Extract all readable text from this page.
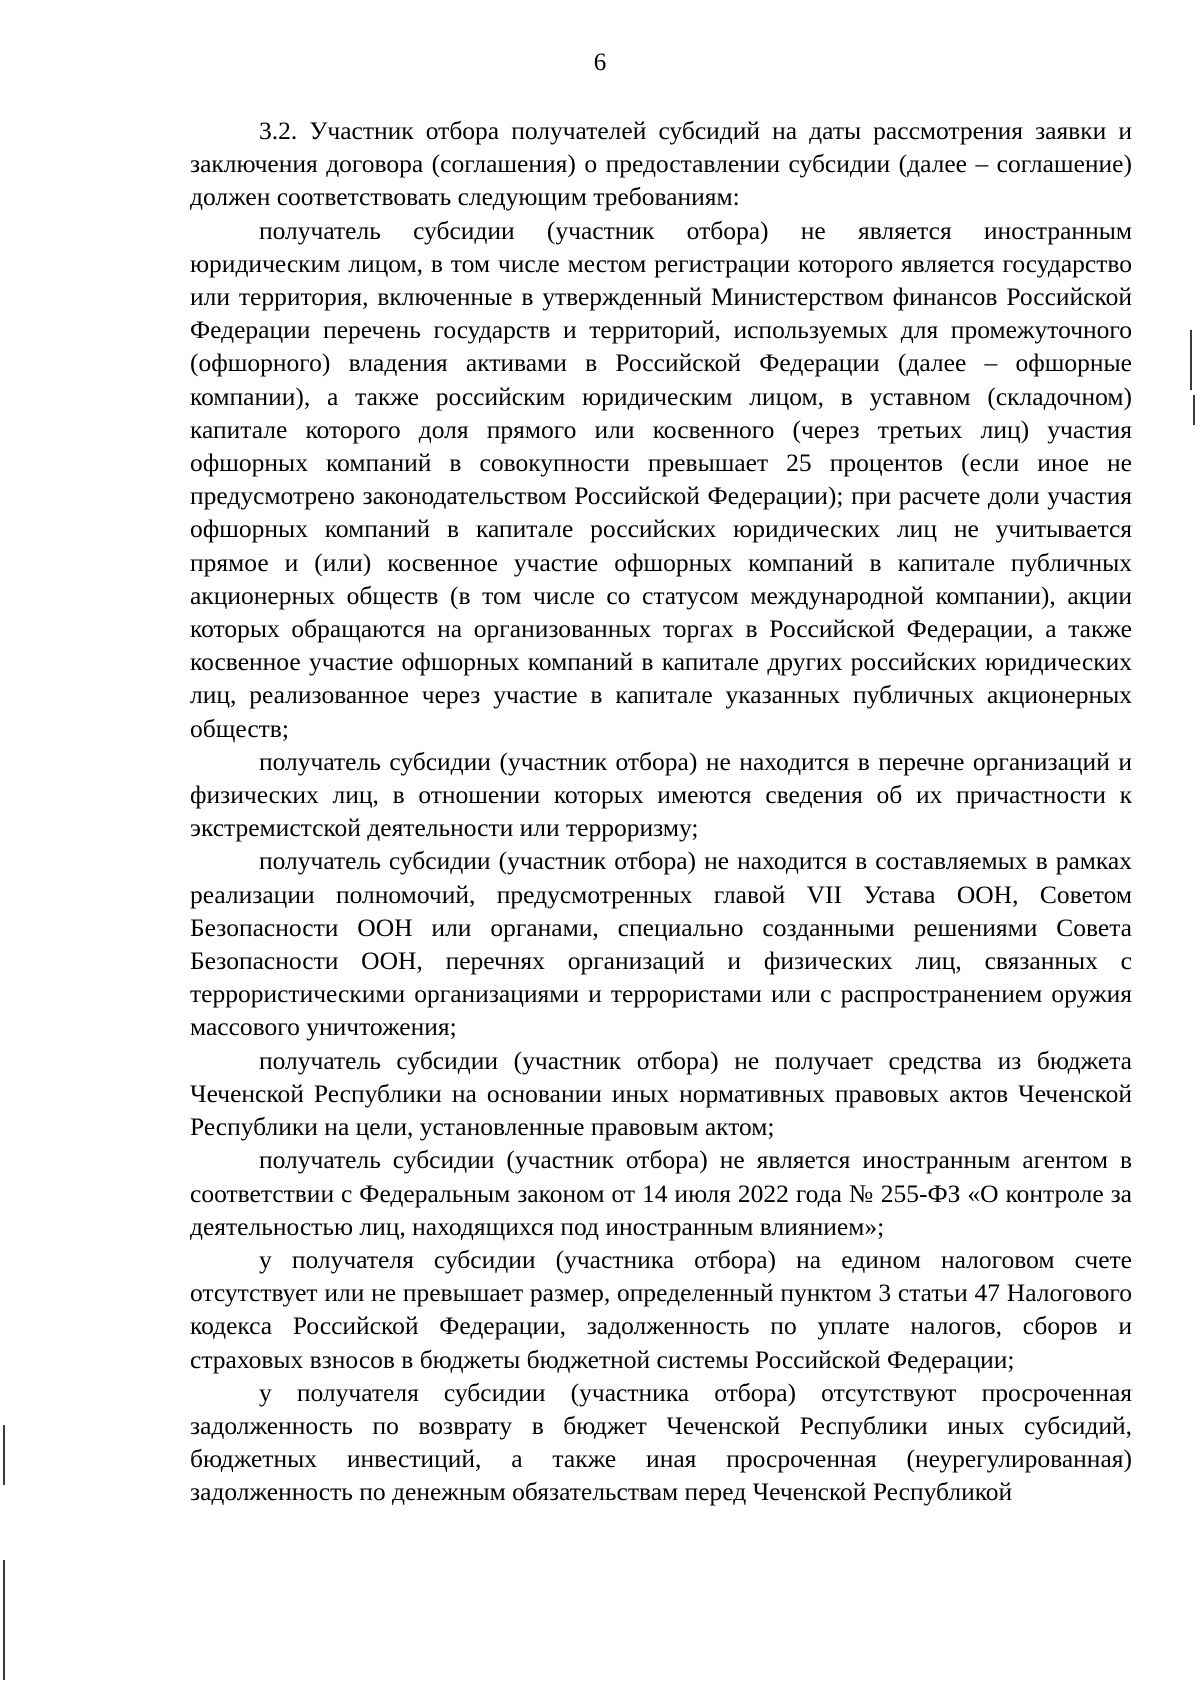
6

3.2. Участник отбора получателей субсидий на даты рассмотрения заявки и заключения договора (соглашения) о предоставлении субсидии (далее – соглашение) должен соответствовать следующим требованиям:

получатель субсидии (участник отбора) не является иностранным юридическим лицом, в том числе местом регистрации которого является государство или территория, включенные в утвержденный Министерством финансов Российской Федерации перечень государств и территорий, используемых для промежуточного (офшорного) владения активами в Российской Федерации (далее – офшорные компании), а также российским юридическим лицом, в уставном (складочном) капитале которого доля прямого или косвенного (через третьих лиц) участия офшорных компаний в совокупности превышает 25 процентов (если иное не предусмотрено законодательством Российской Федерации); при расчете доли участия офшорных компаний в капитале российских юридических лиц не учитывается прямое и (или) косвенное участие офшорных компаний в капитале публичных акционерных обществ (в том числе со статусом международной компании), акции которых обращаются на организованных торгах в Российской Федерации, а также косвенное участие офшорных компаний в капитале других российских юридических лиц, реализованное через участие в капитале указанных публичных акционерных обществ;

получатель субсидии (участник отбора) не находится в перечне организаций и физических лиц, в отношении которых имеются сведения об их причастности к экстремистской деятельности или терроризму;

получатель субсидии (участник отбора) не находится в составляемых в рамках реализации полномочий, предусмотренных главой VII Устава ООН, Советом Безопасности ООН или органами, специально созданными решениями Совета Безопасности ООН, перечнях организаций и физических лиц, связанных с террористическими организациями и террористами или с распространением оружия массового уничтожения;

получатель субсидии (участник отбора) не получает средства из бюджета Чеченской Республики на основании иных нормативных правовых актов Чеченской Республики на цели, установленные правовым актом;

получатель субсидии (участник отбора) не является иностранным агентом в соответствии с Федеральным законом от 14 июля 2022 года № 255-ФЗ «О контроле за деятельностью лиц, находящихся под иностранным влиянием»;

у получателя субсидии (участника отбора) на едином налоговом счете отсутствует или не превышает размер, определенный пунктом 3 статьи 47 Налогового кодекса Российской Федерации, задолженность по уплате налогов, сборов и страховых взносов в бюджеты бюджетной системы Российской Федерации;

у получателя субсидии (участника отбора) отсутствуют просроченная задолженность по возврату в бюджет Чеченской Республики иных субсидий, бюджетных инвестиций, а также иная просроченная (неурегулированная) задолженность по денежным обязательствам перед Чеченской Республикой
